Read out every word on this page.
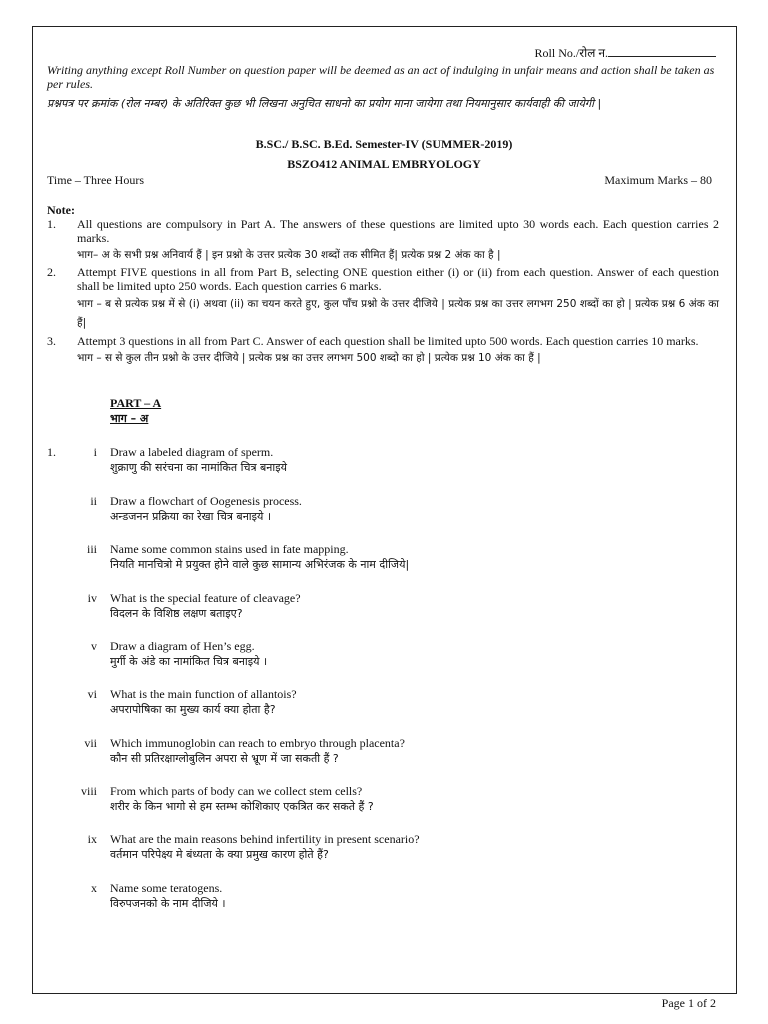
Roll No./रोल न.
Writing anything except Roll Number on question paper will be deemed as an act of indulging in unfair means and action shall be taken as per rules.
प्रश्नपत्र पर क्रमांक (रोल नम्बर) के अतिरिक्त कुछ भी लिखना अनुचित साधनो का प्रयोग माना जायेगा तथा नियमानुसार कार्यवाही की जायेगी |
B.SC./ B.SC. B.Ed. Semester-IV (SUMMER-2019)
BSZO412 ANIMAL EMBRYOLOGY
Time – Three Hours	Maximum Marks – 80
Note:
1. All questions are compulsory in Part A. The answers of these questions are limited upto 30 words each. Each question carries 2 marks.
भाग– अ के सभी प्रश्न अनिवार्य हैं | इन प्रश्नो के उत्तर प्रत्येक 30 शब्दों तक सीमित हैं| प्रत्येक प्रश्न 2 अंक का है |
2. Attempt FIVE questions in all from Part B, selecting ONE question either (i) or (ii) from each question. Answer of each question shall be limited upto 250 words. Each question carries 6 marks.
भाग – ब से प्रत्येक प्रश्न में से (i) अथवा (ii) का चयन करते हुए, कुल पाँच प्रश्नो के उत्तर दीजिये | प्रत्येक प्रश्न का उत्तर लगभग 250 शब्दों का हो | प्रत्येक प्रश्न 6 अंक का हैं|
3. Attempt 3 questions in all from Part C. Answer of each question shall be limited upto 500 words. Each question carries 10 marks.
भाग – स से कुल तीन प्रश्नो के उत्तर दीजिये | प्रत्येक प्रश्न का उत्तर लगभग 500 शब्दो का हो | प्रत्येक प्रश्न 10 अंक का हैं |
PART – A
भाग – अ
1.	i Draw a labeled diagram of sperm.
शुक्राणु की सरंचना का नामांकित चित्र बनाइये
ii Draw a flowchart of Oogenesis process.
अन्डजनन प्रक्रिया का रेखा चित्र बनाइये ।
iii Name some common stains used in fate mapping.
नियति मानचित्रो मे प्रयुक्त होने वाले कुछ सामान्य अभिरंजक के नाम दीजिये|
iv What is the special feature of cleavage?
विदलन के विशिष्ठ लक्षण बताइए?
v Draw a diagram of Hen’s egg.
मुर्गी के अंडे का नामांकित चित्र बनाइये ।
vi What is the main function of allantois?
अपरापोषिका का मुख्य कार्य क्या होता है?
vii Which immunoglobin can reach to embryo through placenta?
कौन सी प्रतिरक्षाग्लोबुलिन अपरा से भ्रूण में जा सकती हैं ?
viii From which parts of body can we collect stem cells?
शरीर के किन भागो से हम स्तम्भ कोशिकाए एकत्रित कर सकते हैं ?
ix What are the main reasons behind infertility in present scenario?
वर्तमान परिपेक्ष्य मे बंध्यता के क्या प्रमुख कारण होते हैं?
x Name some teratogens.
विरुपजनको के नाम दीजिये ।
Page 1 of 2
